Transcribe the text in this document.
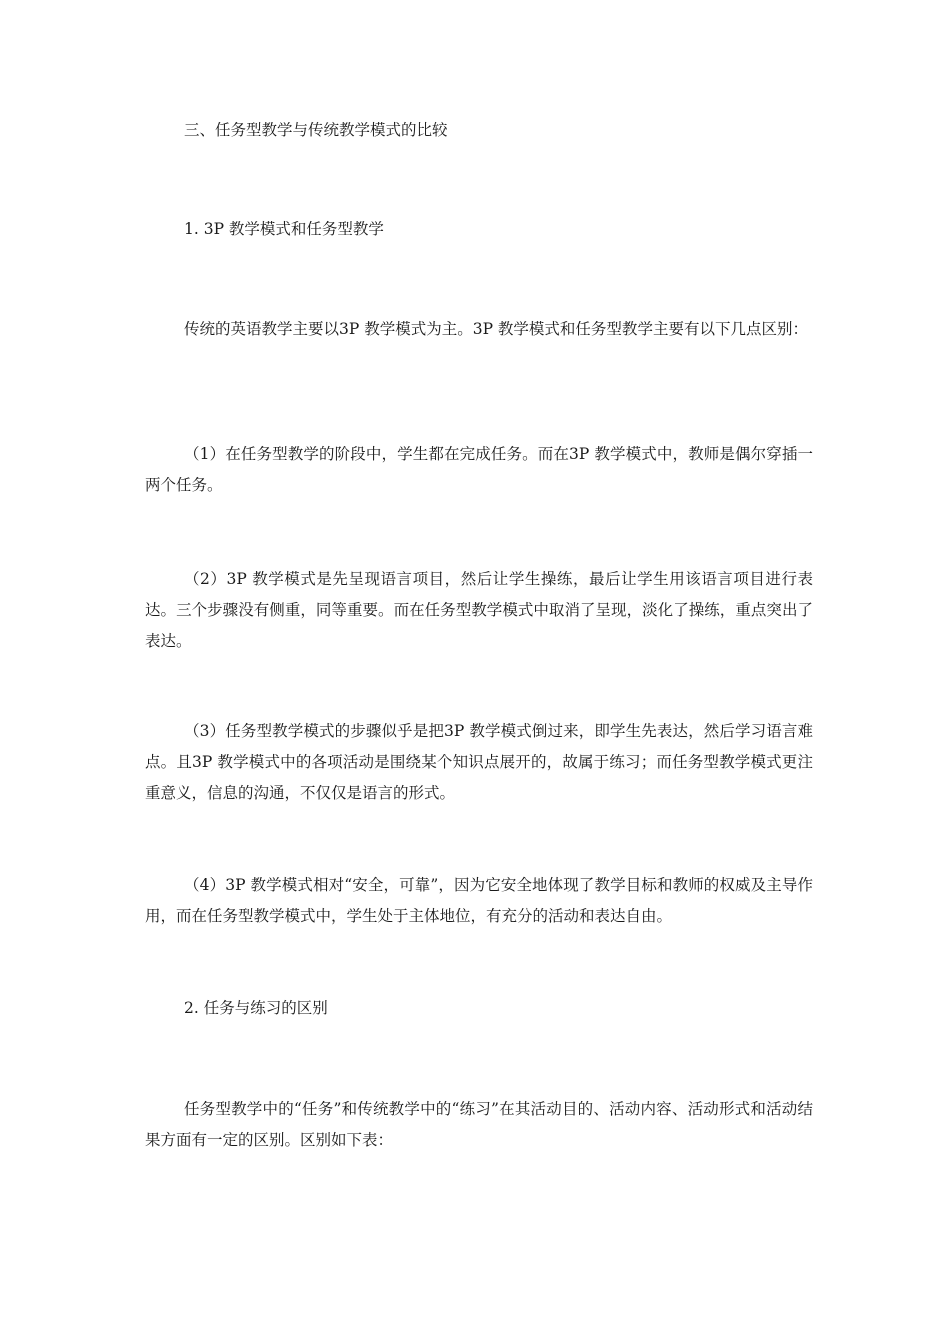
三、任务型教学与传统教学模式的比较

1. 3P 教学模式和任务型教学

传统的英语教学主要以3P 教学模式为主。3P 教学模式和任务型教学主要有以下几点区别：

（1）在任务型教学的阶段中，学生都在完成任务。而在3P 教学模式中，教师是偶尔穿插一两个任务。

（2）3P 教学模式是先呈现语言项目，然后让学生操练，最后让学生用该语言项目进行表达。三个步骤没有侧重，同等重要。而在任务型教学模式中取消了呈现，淡化了操练，重点突出了表达。

（3）任务型教学模式的步骤似乎是把3P 教学模式倒过来，即学生先表达，然后学习语言难点。且3P 教学模式中的各项活动是围绕某个知识点展开的，故属于练习；而任务型教学模式更注重意义，信息的沟通，不仅仅是语言的形式。

（4）3P 教学模式相对“安全，可靠”，因为它安全地体现了教学目标和教师的权威及主导作用，而在任务型教学模式中，学生处于主体地位，有充分的活动和表达自由。

2. 任务与练习的区别

任务型教学中的“任务”和传统教学中的“练习”在其活动目的、活动内容、活动形式和活动结果方面有一定的区别。区别如下表：
